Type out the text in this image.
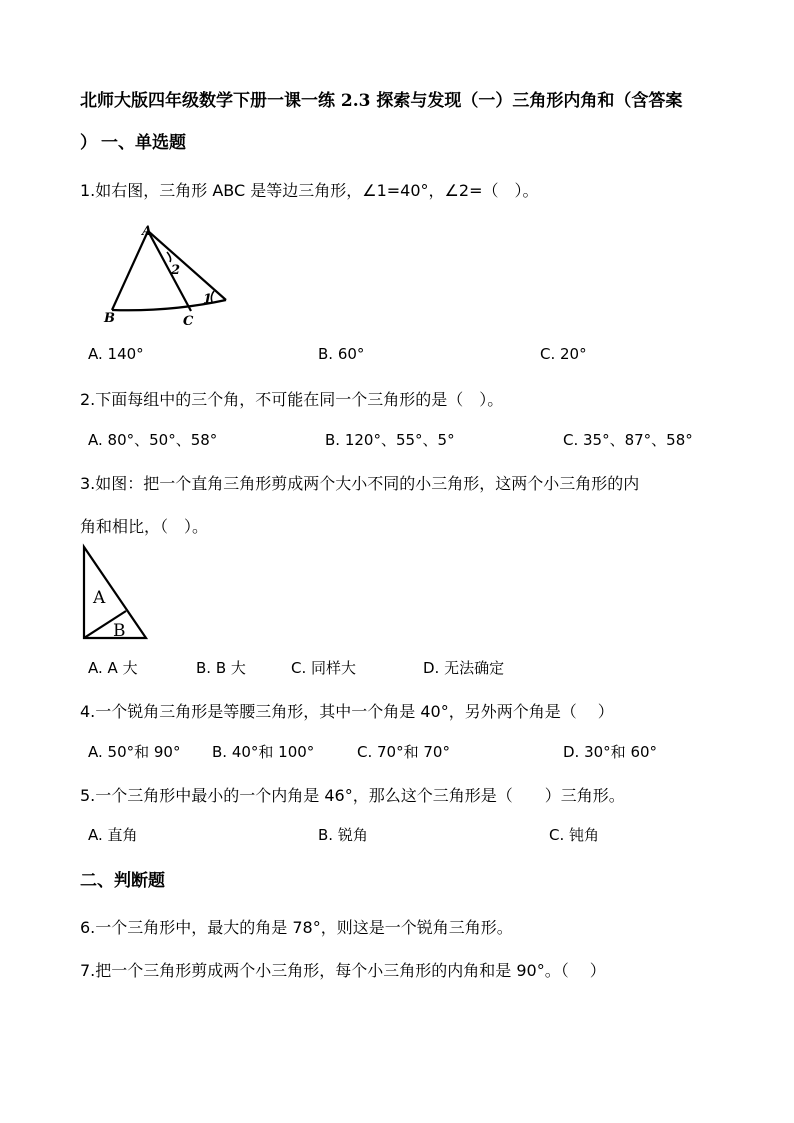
北师大版四年级数学下册一课一练 2.3 探索与发现（一）三角形内角和（含答案
） 一、单选题
1.如右图，三角形 ABC 是等边三角形，∠1=40°，∠2=（　）。
A
B	C
2
1
A. 140°	B. 60°	C. 20°
2.下面每组中的三个角，不可能在同一个三角形的是（　）。
A. 80°、50°、58°	B. 120°、55°、5°	C. 35°、87°、58°
3.如图：把一个直角三角形剪成两个大小不同的小三角形，这两个小三角形的内
角和相比，（　）。
A
B
A. A 大	B. B 大	C. 同样大	D. 无法确定
4.一个锐角三角形是等腰三角形，其中一个角是 40°，另外两个角是（　 ）
A. 50°和 90° B. 40°和 100°	C. 70°和 70°	D. 30°和 60°
5.一个三角形中最小的一个内角是 46°，那么这个三角形是（　　）三角形。
A. 直角	B. 锐角	C. 钝角
二、判断题
6.一个三角形中，最大的角是 78°，则这是一个锐角三角形。
7.把一个三角形剪成两个小三角形，每个小三角形的内角和是 90°。（　 ）
